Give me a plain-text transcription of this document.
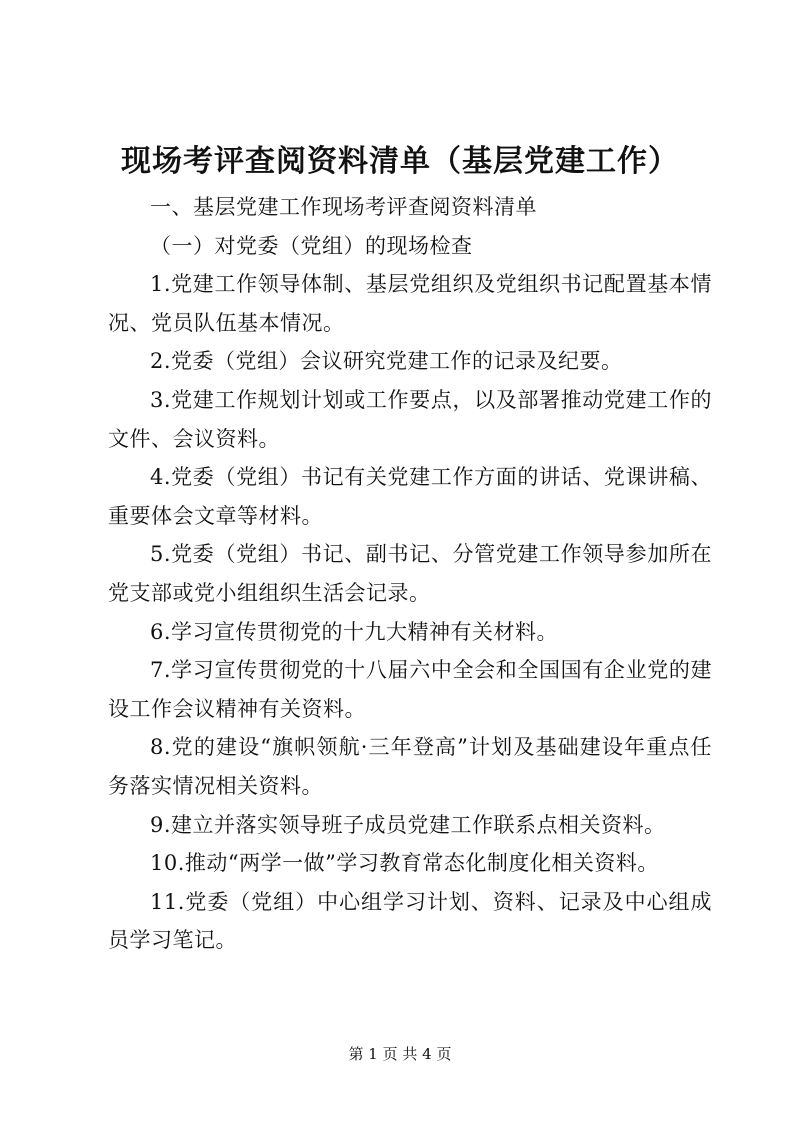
现场考评查阅资料清单（基层党建工作）

一、基层党建工作现场考评查阅资料清单

（一）对党委（党组）的现场检查

1.党建工作领导体制、基层党组织及党组织书记配置基本情况、党员队伍基本情况。

2.党委（党组）会议研究党建工作的记录及纪要。

3.党建工作规划计划或工作要点，以及部署推动党建工作的文件、会议资料。

4.党委（党组）书记有关党建工作方面的讲话、党课讲稿、重要体会文章等材料。

5.党委（党组）书记、副书记、分管党建工作领导参加所在党支部或党小组组织生活会记录。

6.学习宣传贯彻党的十九大精神有关材料。

7.学习宣传贯彻党的十八届六中全会和全国国有企业党的建设工作会议精神有关资料。

8.党的建设“旗帜领航·三年登高”计划及基础建设年重点任务落实情况相关资料。

9.建立并落实领导班子成员党建工作联系点相关资料。

10.推动“两学一做”学习教育常态化制度化相关资料。

11.党委（党组）中心组学习计划、资料、记录及中心组成员学习笔记。

第 1 页 共 4 页
